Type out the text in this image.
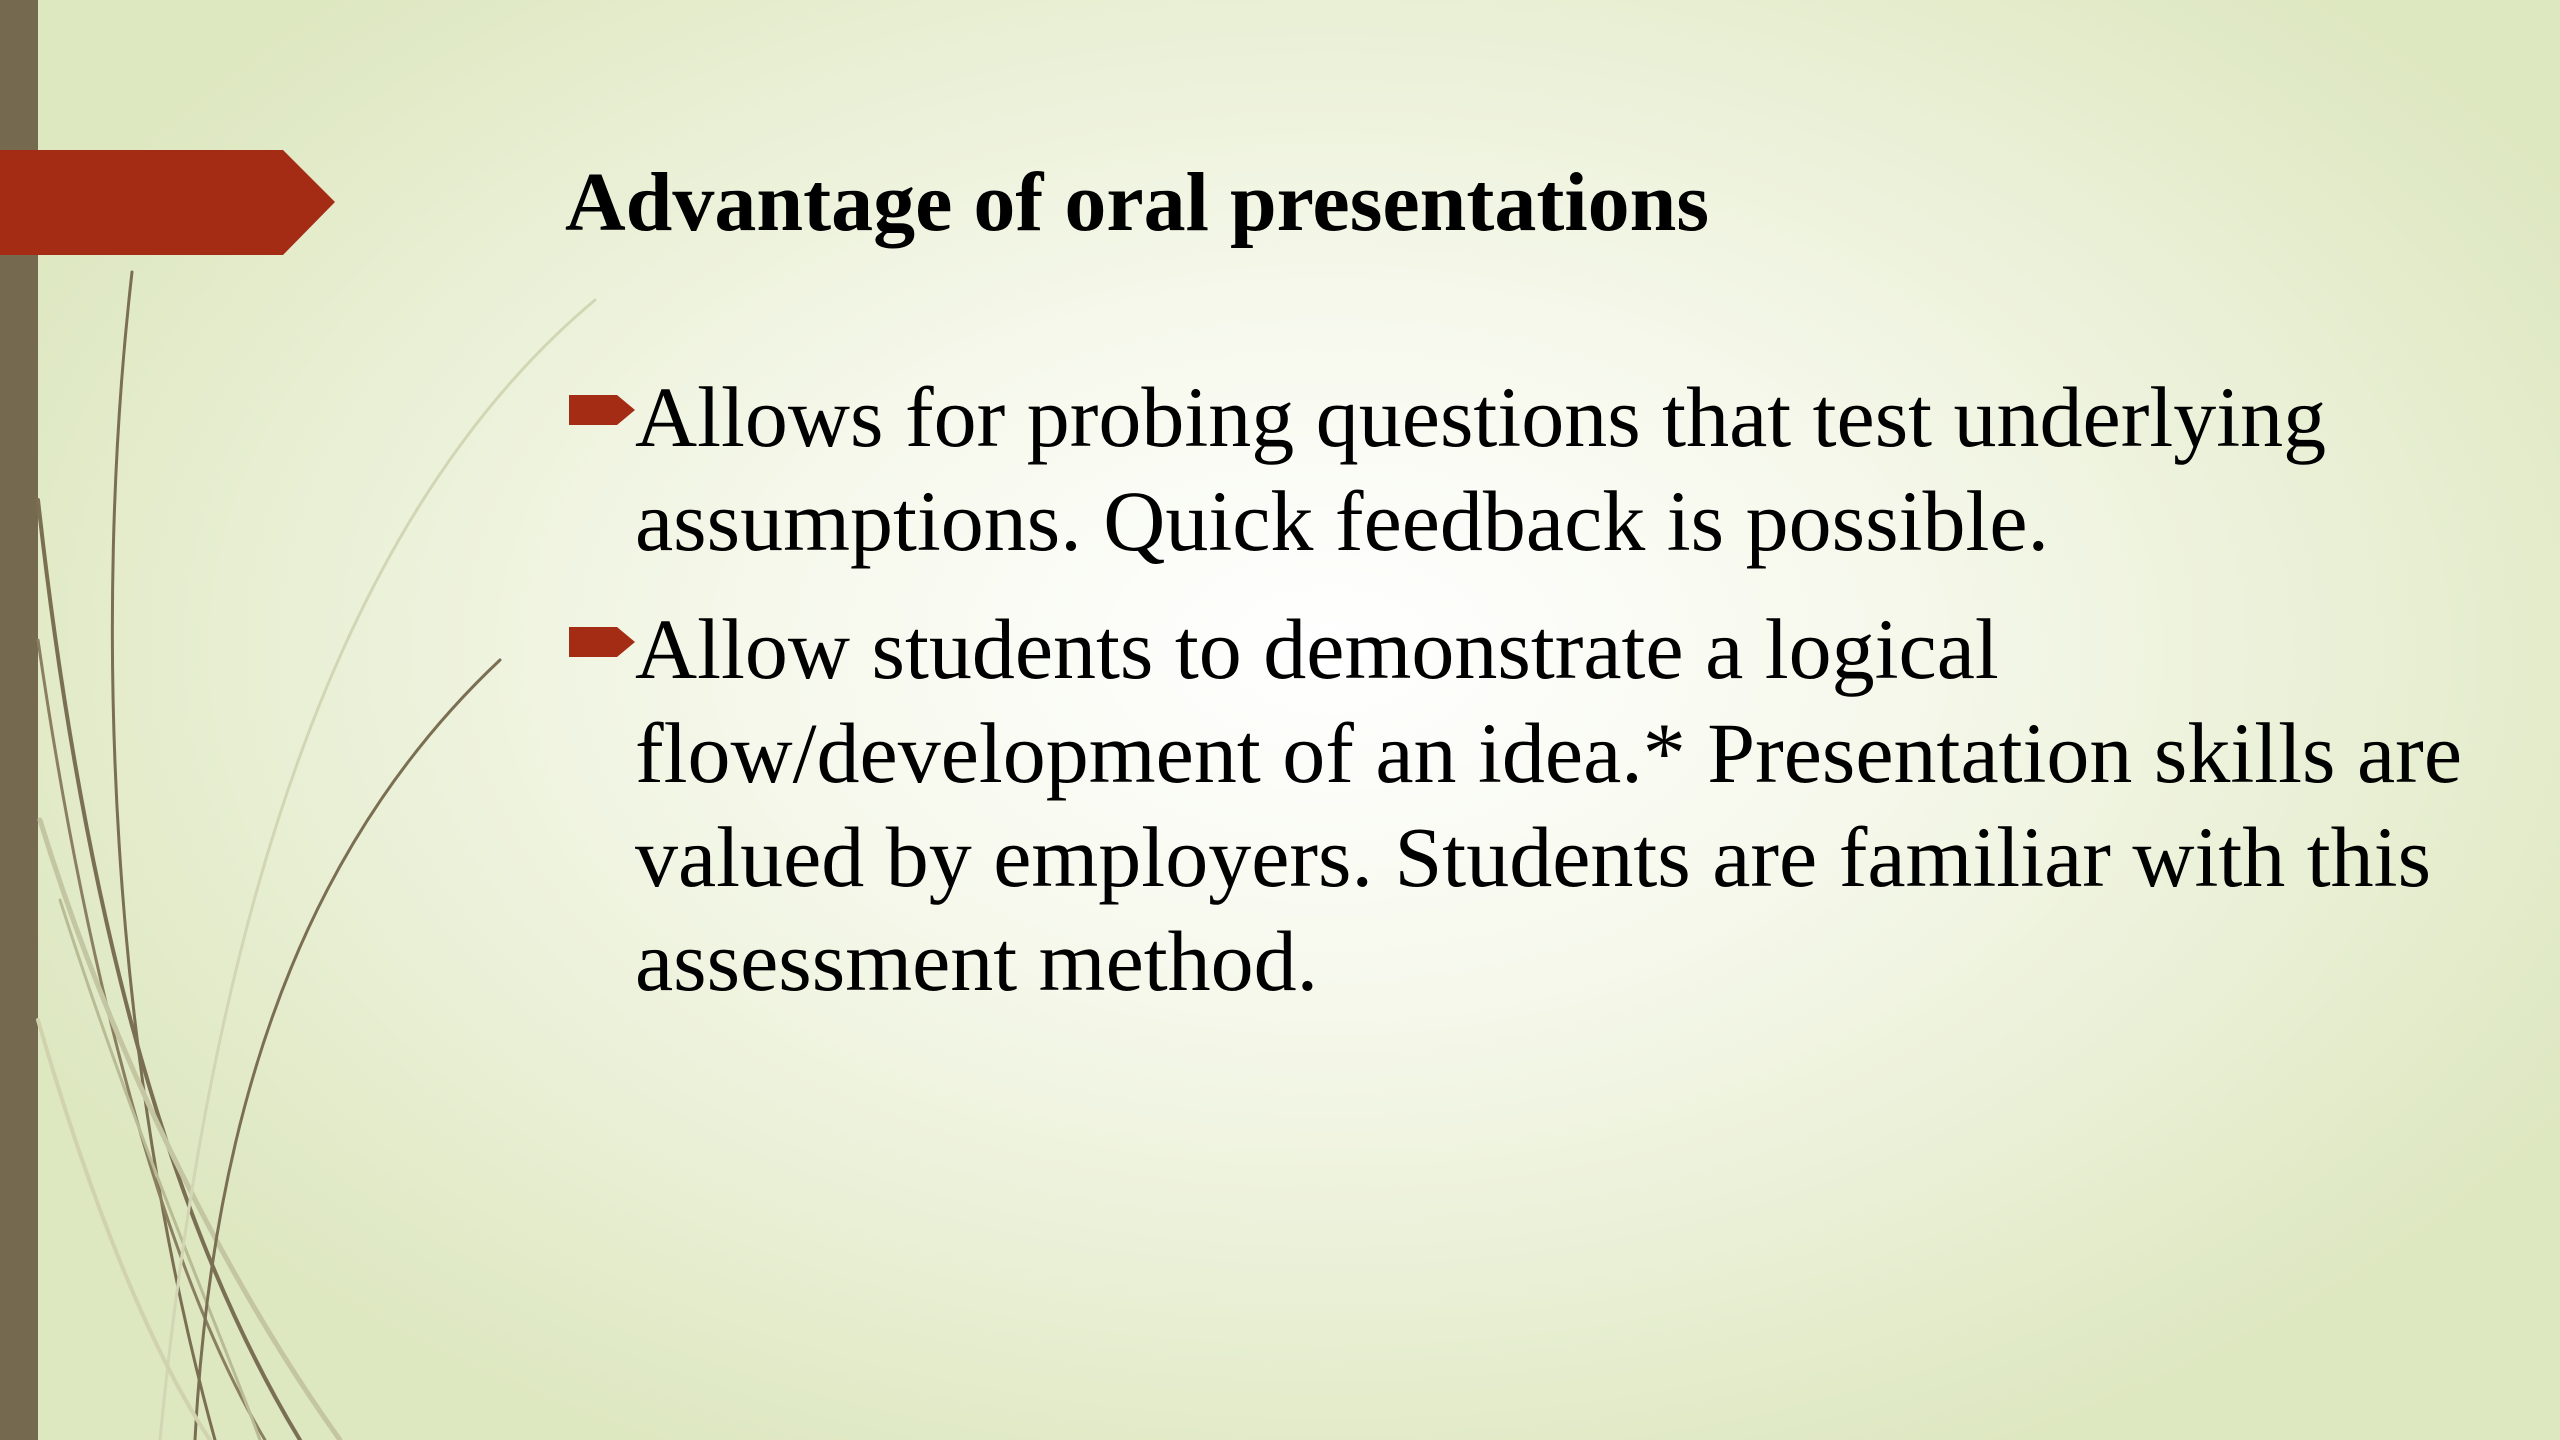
Advantage of oral presentations
Allows for probing questions that test underlying assumptions. Quick feedback is possible.
Allow students to demonstrate a logical flow/development of an idea.* Presentation skills are valued by employers. Students are familiar with this assessment method.
